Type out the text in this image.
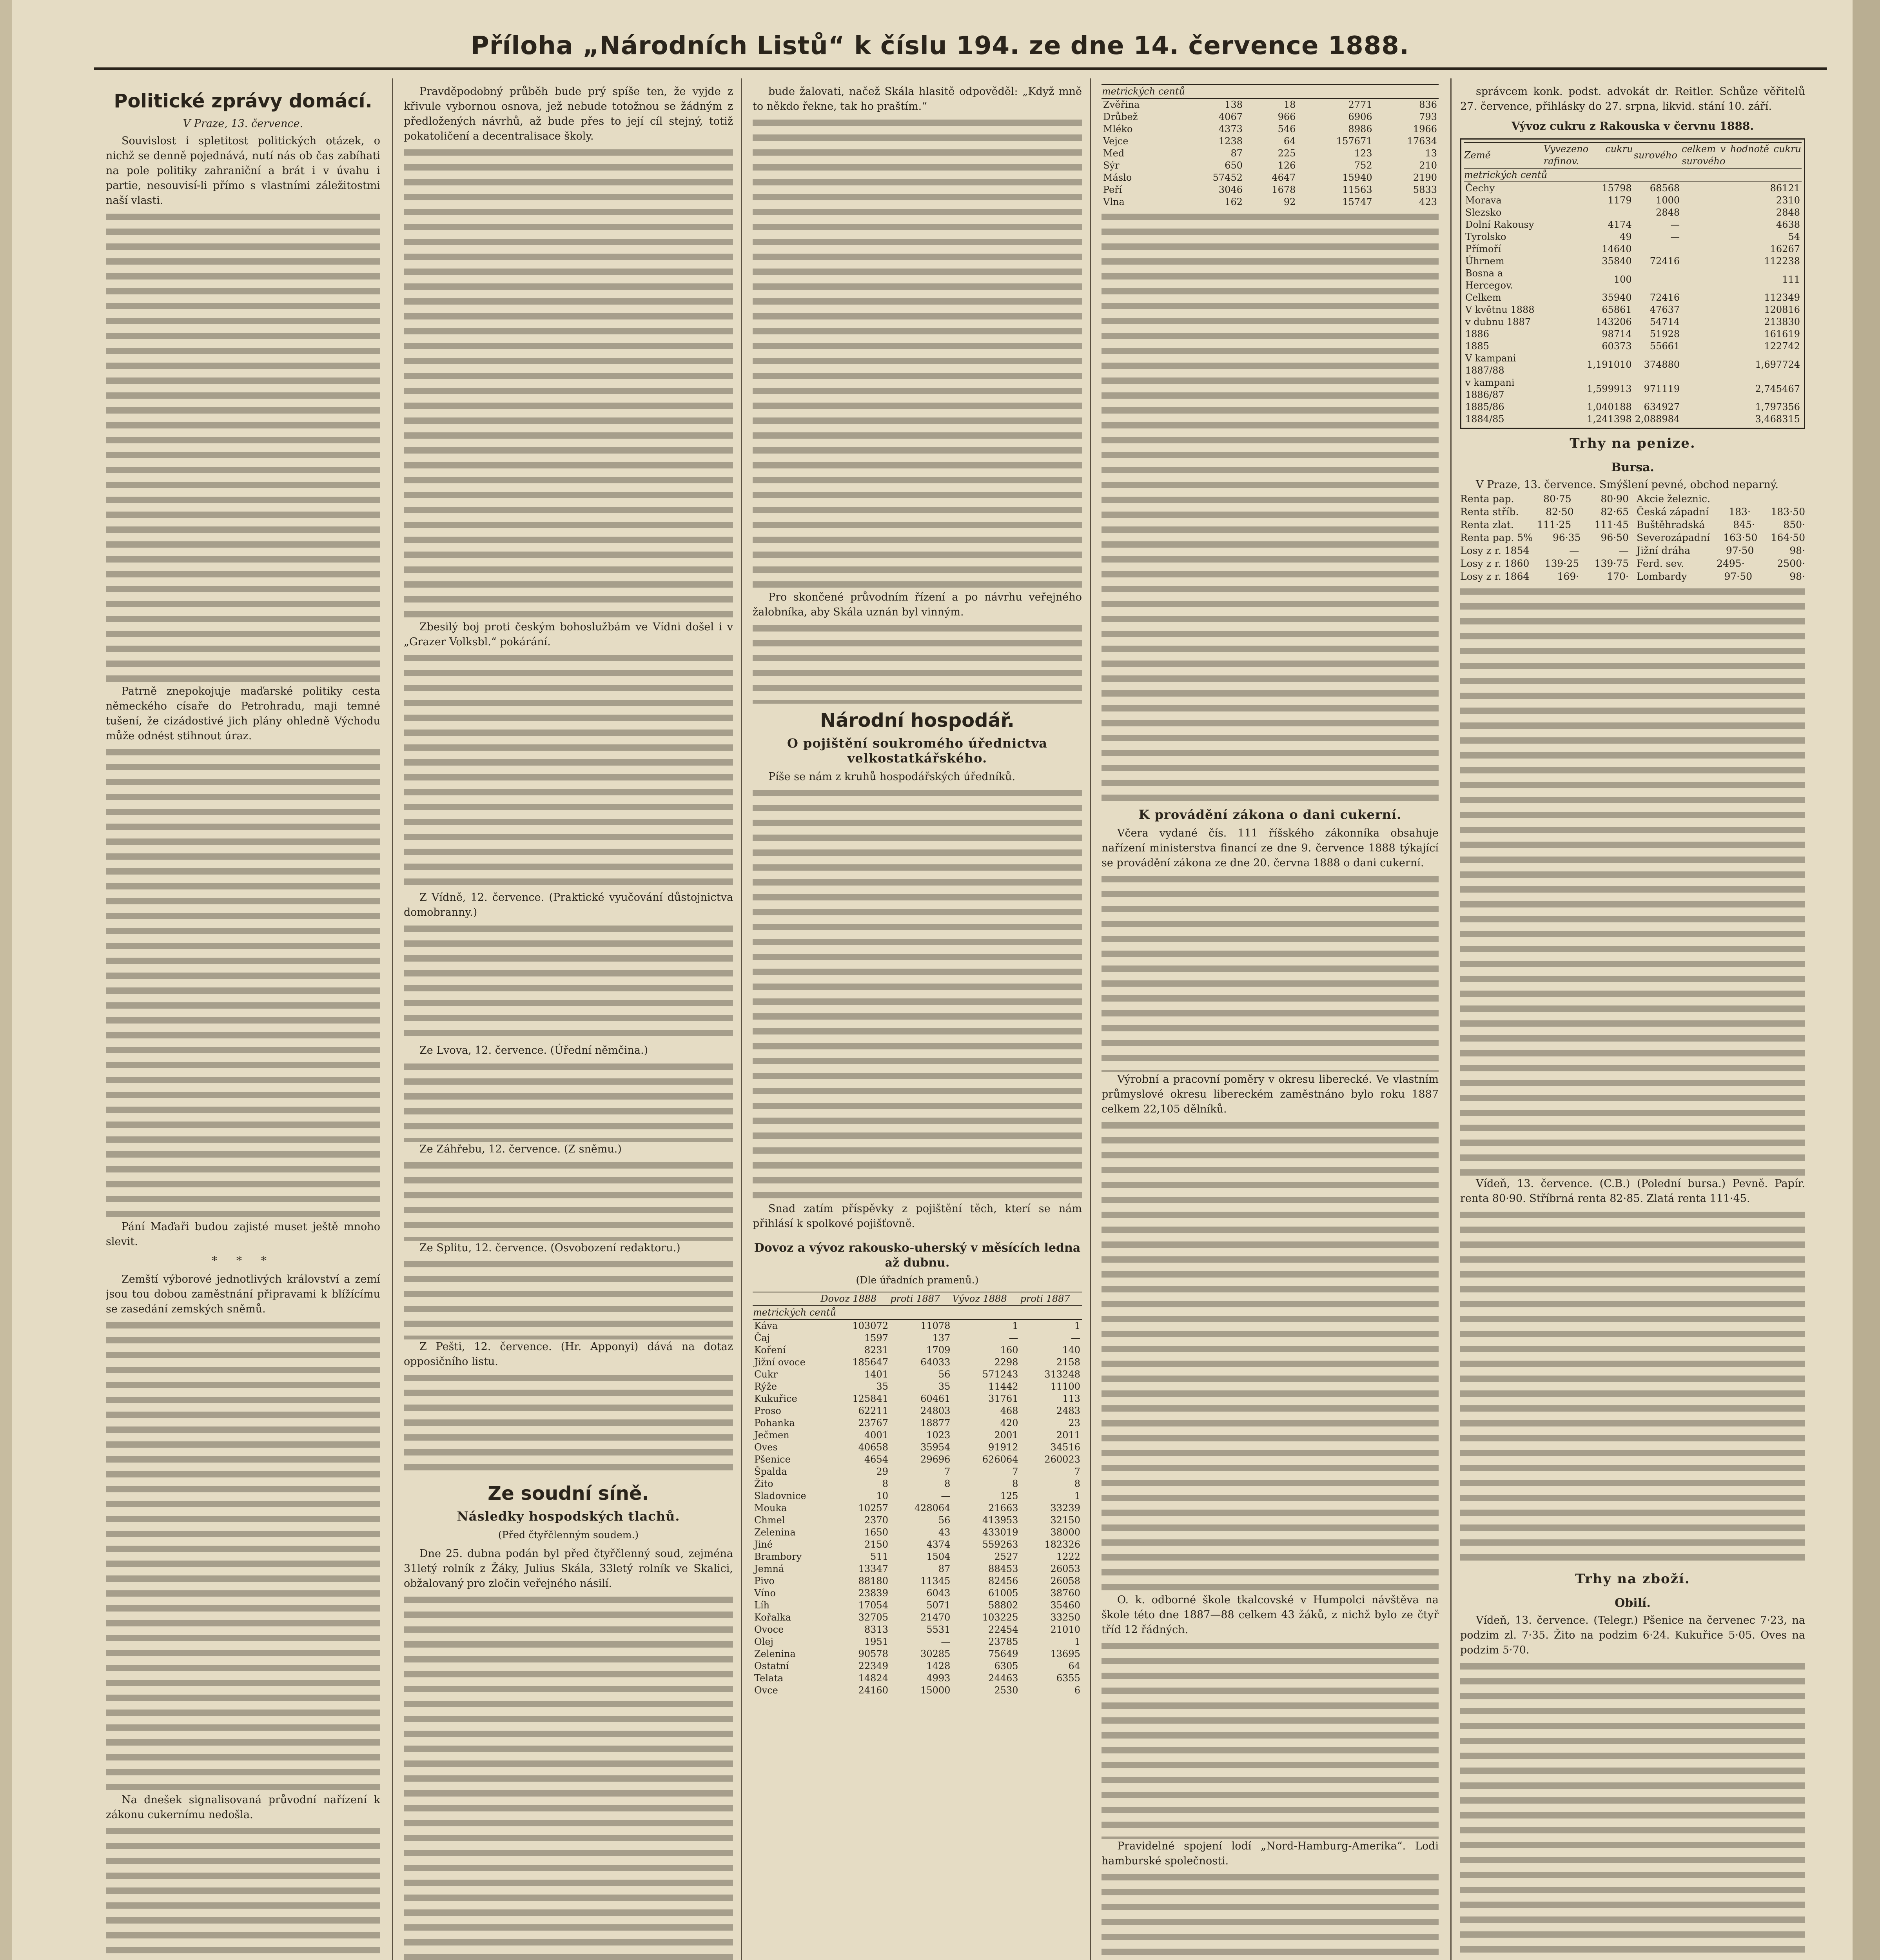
Příloha „Národních Listů“ k číslu 194. ze dne 14. července 1888.
Politické zprávy domácí.
V Praze, 13. července.

Souvislost i spletitost politických otázek, o nichž se denně pojednává, nutí nás ob čas zabíhati na pole politiky zahraniční a brát i v úvahu i partie, nesouvisí-li přímo s vlastními záležitostmi naší vlasti.

Patrně znepokojuje maďarské politiky cesta německého císaře do Petrohradu, maji temné tušení, že cizádostivé jich plány ohledně Východu může odnést stihnout úraz.

Pání Maďaři budou zajisté muset ještě mnoho slevit.

* * *

Zemští výborové jednotlivých království a zemí jsou tou dobou zaměstnání připravami k blížícímu se zasedání zemských sněmů.

Na dnešek signalisovaná průvodní nařízení k zákonu cukernímu nedošla.

Pravděpodobný průběh bude prý spíše ten, že vyjde z křivule vybornou osnova, jež nebude totožnou se žádným z předložených návrhů, až bude přes to její cíl stejný, totiž pokatoličení a decentralisace školy.

Zbesilý boj proti českým bohoslužbám ve Vídni došel i v „Grazer Volksbl.“ pokárání.

Z Vídně, 12. července. (Praktické vyučování důstojnictva domobranny.)

Ze Lvova, 12. července. (Úřední němčina.)

Ze Záhřebu, 12. července. (Z sněmu.)

Ze Splitu, 12. července. (Osvobození redaktoru.)

Z Pešti, 12. července. (Hr. Apponyi) dává na dotaz opposičního listu.

Ze soudní síně.
Následky hospodských tlachů.
(Před čtyřčlenným soudem.)

Dne 25. dubna podán byl před čtyřčlenný soud, zejména 31letý rolník z Žáky, Julius Skála, 33letý rolník ve Skalici, obžalovaný pro zločin veřejného násilí.

bude žalovati, načež Skála hlasitě odpověděl: „Když mně to někdo řekne, tak ho praštím.“

Pro skončené průvodním řízení a po návrhu veřejného žalobníka, aby Skála uznán byl vinným.

Národní hospodář.
O pojištění soukromého úřednictva velkostatkářského.

Píše se nám z kruhů hospodářských úředníků.

Snad zatím příspěvky z pojištění těch, kterí se nám přihlásí k spolkové pojišťovně.

Dovoz a vývoz rakousko-uherský v měsících ledna až dubnu.
(Dle úřadních pramenů.)
	Dovoz 1888	proti 1887	Vývoz 1888	proti 1887
metrických centů				
Káva	103072	11078	1	1
Čaj	1597	137	—	—
Koření	8231	1709	160	140
Jižní ovoce	185647	64033	2298	2158
Cukr	1401	56	571243	313248
Rýže	35	35	11442	11100
Kukuřice	125841	60461	31761	113
Proso	62211	24803	468	2483
Pohanka	23767	18877	420	23
Ječmen	4001	1023	2001	2011
Oves	40658	35954	91912	34516
Pšenice	4654	29696	626064	260023
Špalda	29	7	7	7
Žito	8	8	8	8
Sladovnice	10	—	125	1
Mouka	10257	428064	21663	33239
Chmel	2370	56	413953	32150
Zelenina	1650	43	433019	38000
Jiné	2150	4374	559263	182326
Brambory	511	1504	2527	1222
Jemná	13347	87	88453	26053
Pivo	88180	11345	82456	26058
Víno	23839	6043	61005	38760
Líh	17054	5071	58802	35460
Kořalka	32705	21470	103225	33250
Ovoce	8313	5531	22454	21010
Olej	1951	—	23785	1
Zelenina	90578	30285	75649	13695
Ostatní	22349	1428	6305	64
Telata	14824	4993	24463	6355
Ovce	24160	15000	2530	6
metrických centů				
Zvěřina	138	18	2771	836
Drůbež	4067	966	6906	793
Mléko	4373	546	8986	1966
Vejce	1238	64	157671	17634
Med	87	225	123	13
Sýr	650	126	752	210
Máslo	57452	4647	15940	2190
Peří	3046	1678	11563	5833
Vlna	162	92	15747	423
K provádění zákona o dani cukerní.

Včera vydané čís. 111 říšského zákonníka obsahuje nařízení ministerstva financí ze dne 9. července 1888 týkající se provádění zákona ze dne 20. června 1888 o dani cukerní.

Výrobní a pracovní poměry v okresu liberecké. Ve vlastním průmyslové okresu libereckém zaměstnáno bylo roku 1887 celkem 22,105 dělníků.

O. k. odborné škole tkalcovské v Humpolci návštěva na škole této dne 1887—88 celkem 43 žáků, z nichž bylo ze čtyř tříd 12 řádných.

Pravidelné spojení lodí „Nord-Hamburg-Amerika“. Lodi hamburské společnosti.

správcem konk. podst. advokát dr. Reitler. Schůze věřitelů 27. července, přihlásky do 27. srpna, likvid. stání 10. září.

Vývoz cukru z Rakouska v červnu 1888.
Země	Vyvezeno cukru rafinov.	surového	celkem v hodnotě cukru surového
metrických centů			
Čechy	15798	68568	86121
Morava	1179	1000	2310
Slezsko		2848	2848
Dolní Rakousy	4174	—	4638
Tyrolsko	49	—	54
Přímoří	14640		16267
Úhrnem	35840	72416	112238
Bosna a Hercegov.	100		111
Celkem	35940	72416	112349
V květnu 1888	65861	47637	120816
v dubnu 1887	143206	54714	213830
1886	98714	51928	161619
1885	60373	55661	122742
V kampani 1887/88	1,191010	374880	1,697724
v kampani 1886/87	1,599913	971119	2,745467
1885/86	1,040188	634927	1,797356
1884/85	1,241398	2,088984	3,468315
Trhy na penize.
Bursa.

V Praze, 13. července. Smýšlení pevné, obchod neparný.

Renta pap.	80·75	80·90
Renta stříb.	82·50	82·65
Renta zlat. 111·25 111·45
Renta pap. 5% 96·35 96·50
Losy z r. 1854	—	—
Losy z r. 1860 139·25 139·75
Losy z r. 1864	169·	170·
Akcie železnic.
Česká západní 183· 183·50
Buštěhradská	845·	850·
Severozápadní 163·50 164·50
Jižní dráha	97·50	98·
Ferd. sev.	2495·	2500·
Lombardy	97·50	98·

Vídeň, 13. července. (C.B.) (Polední bursa.) Pevně. Papír. renta 80·90. Stříbrná renta 82·85. Zlatá renta 111·45.

Trhy na zboží.
Obilí.

Vídeň, 13. července. (Telegr.) Pšenice na červenec 7·23, na podzim zl. 7·35. Žito na podzim 6·24. Kukuřice 5·05. Oves na podzim 5·70.
